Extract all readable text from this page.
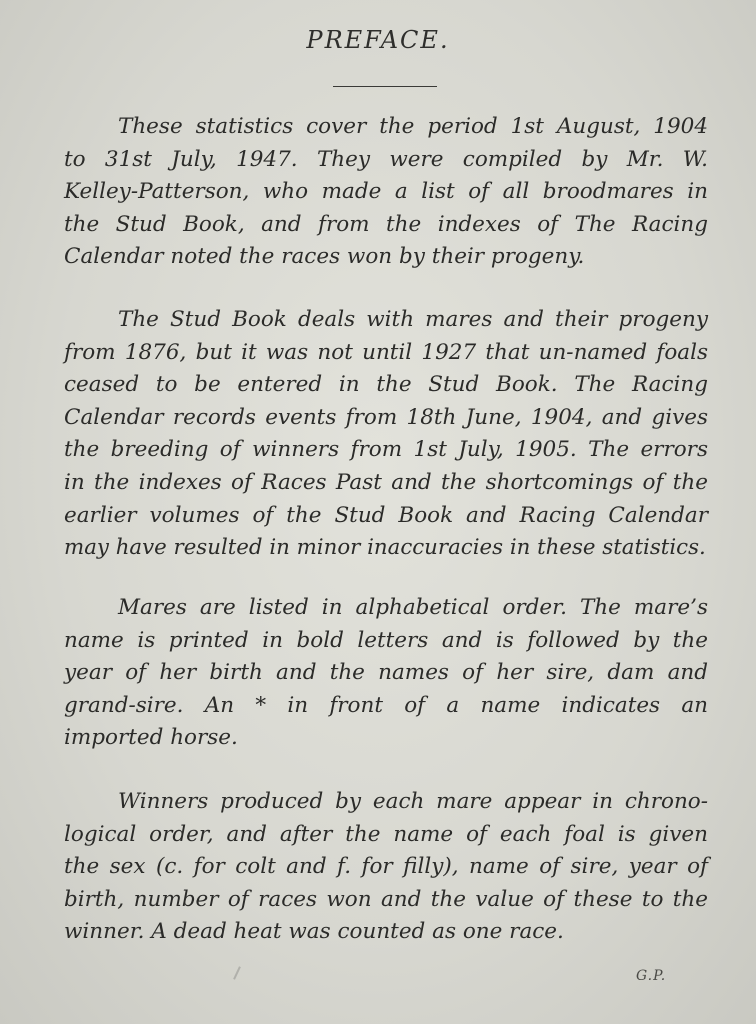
PREFACE.

These statistics cover the period 1st August, 1904
to 31st July, 1947. They were compiled by Mr. W.
Kelley-Patterson, who made a list of all broodmares in
the Stud Book, and from the indexes of The Racing
Calendar noted the races won by their progeny.

The Stud Book deals with mares and their progeny
from 1876, but it was not until 1927 that un-named foals
ceased to be entered in the Stud Book. The Racing
Calendar records events from 18th June, 1904, and gives
the breeding of winners from 1st July, 1905. The errors
in the indexes of Races Past and the shortcomings of the
earlier volumes of the Stud Book and Racing Calendar
may have resulted in minor inaccuracies in these statistics.

Mares are listed in alphabetical order. The mare’s
name is printed in bold letters and is followed by the
year of her birth and the names of her sire, dam and
grand-sire. An * in front of a name indicates an
imported horse.

Winners produced by each mare appear in chrono-
logical order, and after the name of each foal is given
the sex (c. for colt and f. for filly), name of sire, year of
birth, number of races won and the value of these to the
winner. A dead heat was counted as one race.

G.P.
